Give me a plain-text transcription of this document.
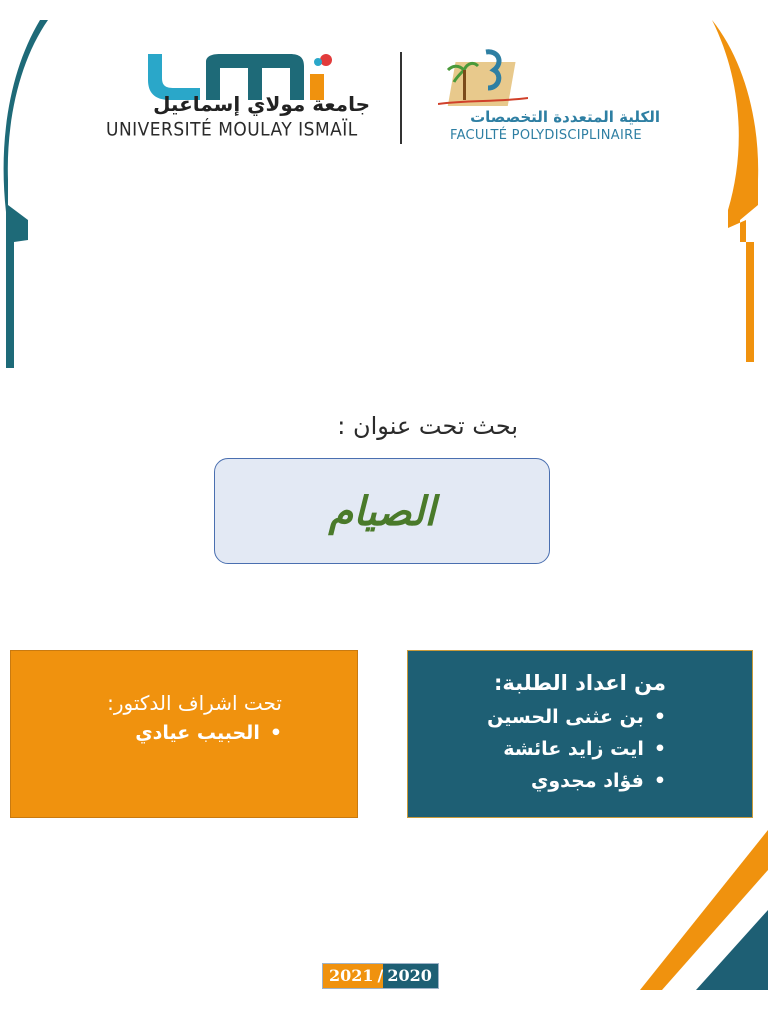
جامعة مولاي إسماعيل
UNIVERSITÉ MOULAY ISMAÏL
الكلية المتعددة التخصصات
FACULTÉ POLYDISCIPLINAIRE
بحث تحت عنوان :
الصيام
تحت اشراف الدكتور:
• الحبيب عيادي
من اعداد الطلبة:
• بن عثنى الحسين
• ايت زايد عائشة
• فؤاد مجدوي
2021 / 2020
